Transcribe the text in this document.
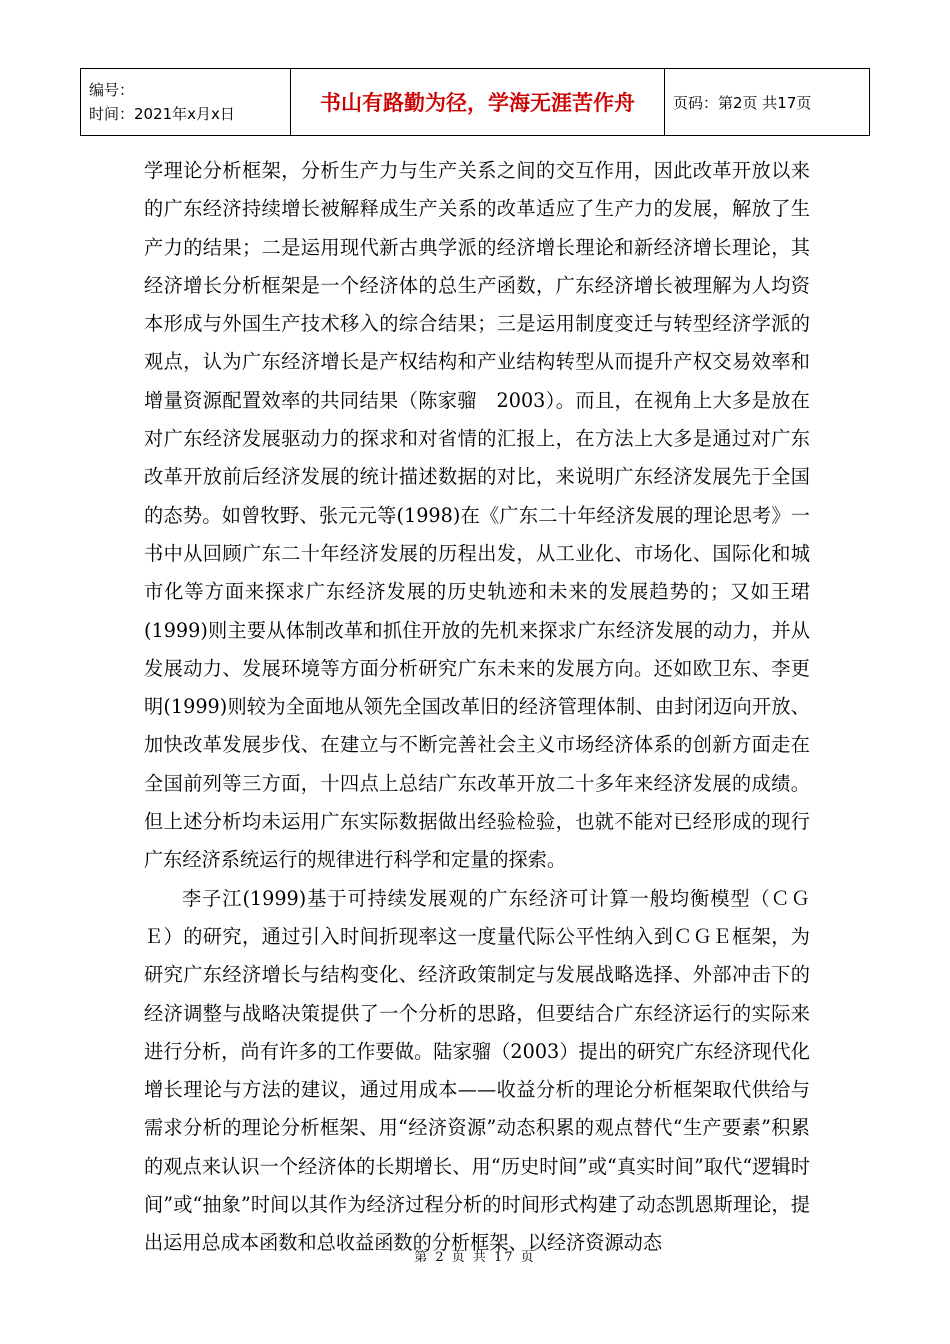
编号：
时间：2021年x月x日	书山有路勤为径，学海无涯苦作舟	页码：第2页 共17页

学理论分析框架，分析生产力与生产关系之间的交互作用，因此改革开放以来的广东经济持续增长被解释成生产关系的改革适应了生产力的发展，解放了生产力的结果；二是运用现代新古典学派的经济增长理论和新经济增长理论，其经济增长分析框架是一个经济体的总生产函数，广东经济增长被理解为人均资本形成与外国生产技术移入的综合结果；三是运用制度变迁与转型经济学派的观点，认为广东经济增长是产权结构和产业结构转型从而提升产权交易效率和增量资源配置效率的共同结果（陈家骝　2003）。而且，在视角上大多是放在对广东经济发展驱动力的探求和对省情的汇报上，在方法上大多是通过对广东改革开放前后经济发展的统计描述数据的对比，来说明广东经济发展先于全国的态势。如曾牧野、张元元等(1998)在《广东二十年经济发展的理论思考》一书中从回顾广东二十年经济发展的历程出发，从工业化、市场化、国际化和城市化等方面来探求广东经济发展的历史轨迹和未来的发展趋势的；又如王珺(1999)则主要从体制改革和抓住开放的先机来探求广东经济发展的动力，并从发展动力、发展环境等方面分析研究广东未来的发展方向。还如欧卫东、李更明(1999)则较为全面地从领先全国改革旧的经济管理体制、由封闭迈向开放、加快改革发展步伐、在建立与不断完善社会主义市场经济体系的创新方面走在全国前列等三方面，十四点上总结广东改革开放二十多年来经济发展的成绩。但上述分析均未运用广东实际数据做出经验检验，也就不能对已经形成的现行广东经济系统运行的规律进行科学和定量的探索。

李子江(1999)基于可持续发展观的广东经济可计算一般均衡模型（ＣＧＥ）的研究，通过引入时间折现率这一度量代际公平性纳入到ＣＧＥ框架，为研究广东经济增长与结构变化、经济政策制定与发展战略选择、外部冲击下的经济调整与战略决策提供了一个分析的思路，但要结合广东经济运行的实际来进行分析，尚有许多的工作要做。陆家骝（2003）提出的研究广东经济现代化增长理论与方法的建议，通过用成本——收益分析的理论分析框架取代供给与需求分析的理论分析框架、用“经济资源”动态积累的观点替代“生产要素”积累的观点来认识一个经济体的长期增长、用“历史时间”或“真实时间”取代“逻辑时间”或“抽象”时间以其作为经济过程分析的时间形式构建了动态凯恩斯理论，提出运用总成本函数和总收益函数的分析框架、以经济资源动态

第 2 页 共 17 页
